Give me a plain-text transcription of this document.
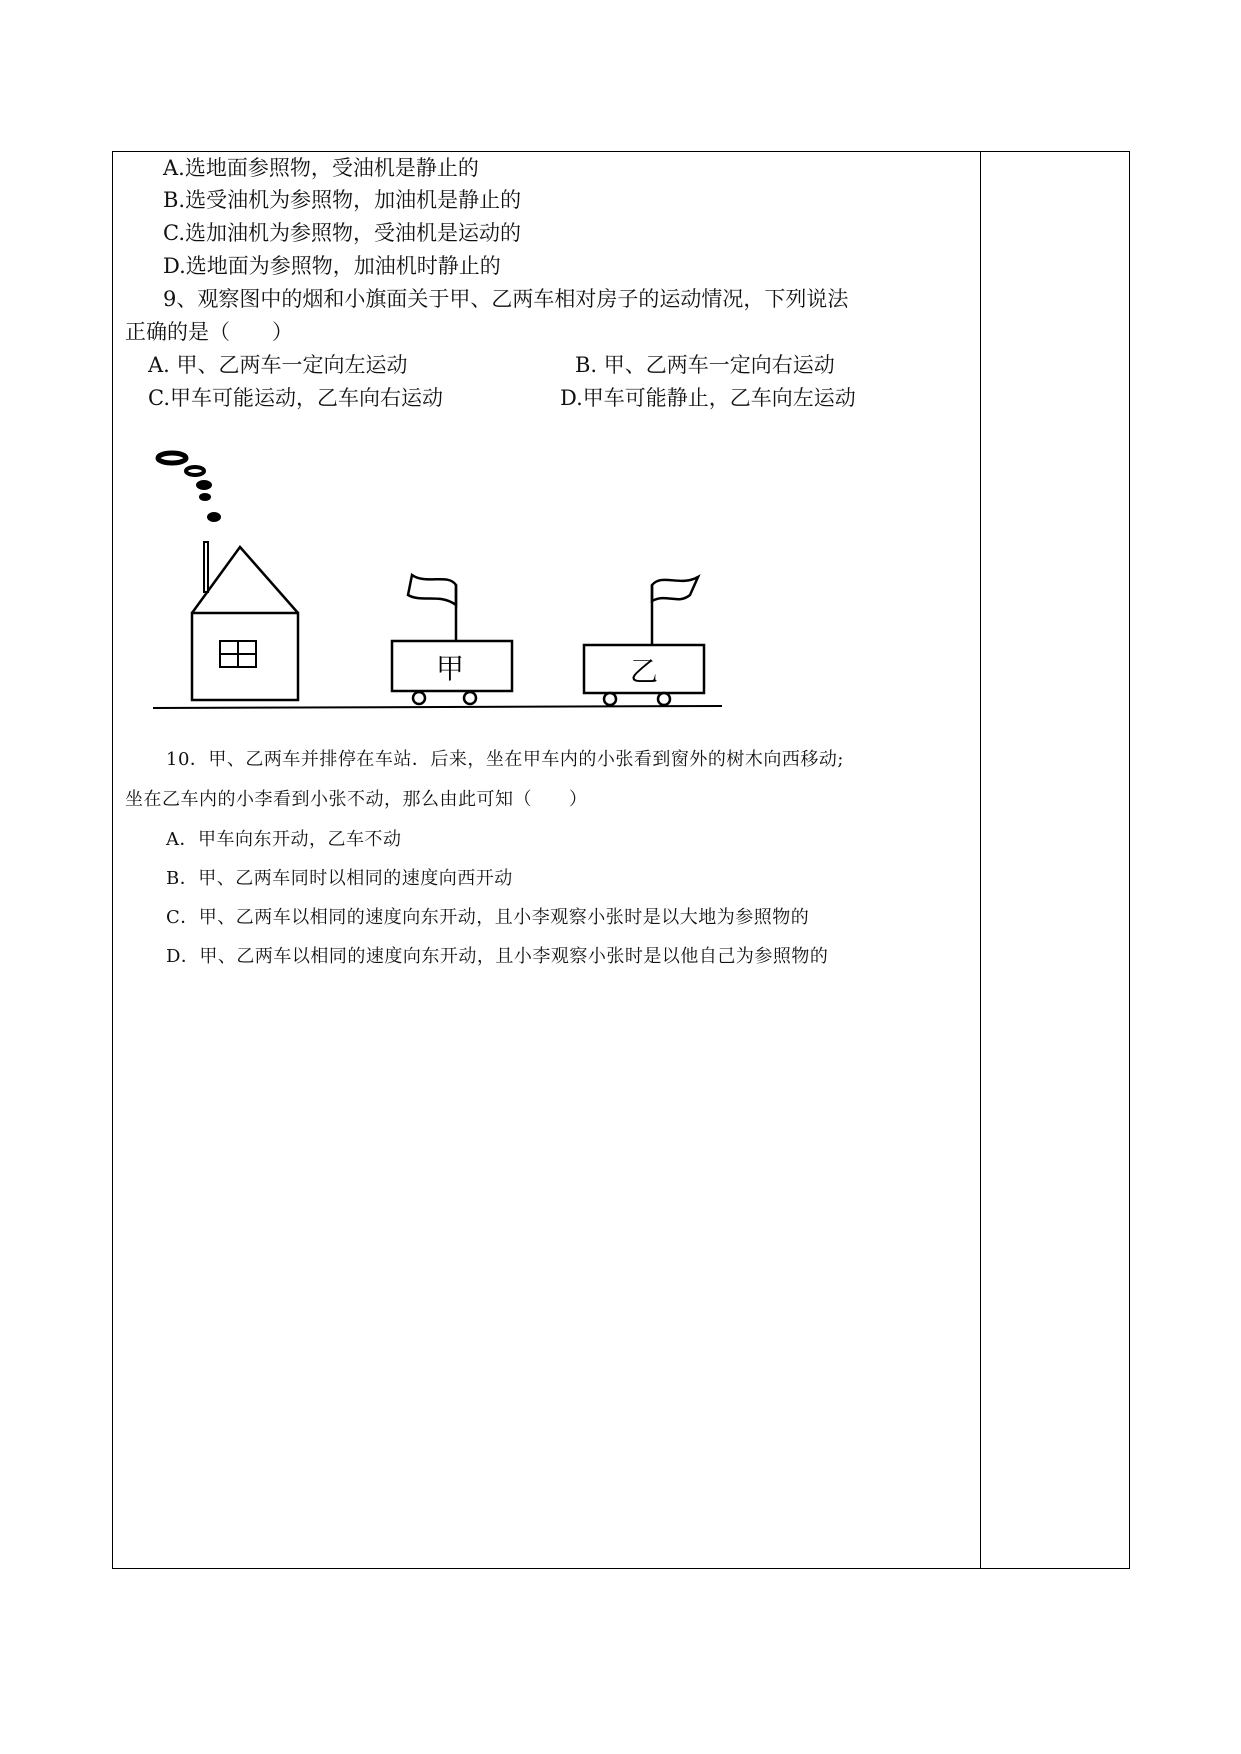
A.选地面参照物，受油机是静止的
B.选受油机为参照物，加油机是静止的
C.选加油机为参照物，受油机是运动的
D.选地面为参照物，加油机时静止的
9、观察图中的烟和小旗面关于甲、乙两车相对房子的运动情况，下列说法
正确的是（　　）
A. 甲、乙两车一定向左运动	B. 甲、乙两车一定向右运动
C.甲车可能运动，乙车向右运动	D.甲车可能静止，乙车向左运动
甲	乙
10．甲、乙两车并排停在车站．后来，坐在甲车内的小张看到窗外的树木向西移动;
坐在乙车内的小李看到小张不动，那么由此可知（　　）
A．甲车向东开动，乙车不动
B．甲、乙两车同时以相同的速度向西开动
C．甲、乙两车以相同的速度向东开动，且小李观察小张时是以大地为参照物的
D．甲、乙两车以相同的速度向东开动，且小李观察小张时是以他自己为参照物的
